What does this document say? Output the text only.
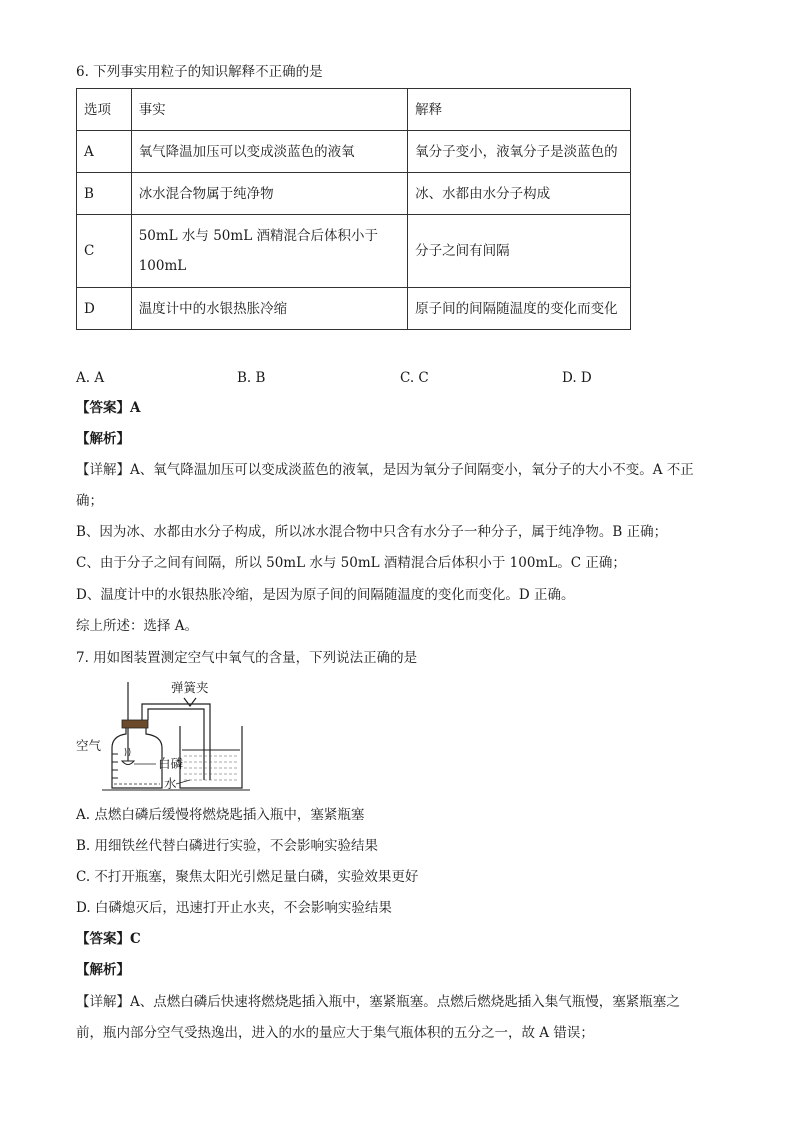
6. 下列事实用粒子的知识解释不正确的是
选项	事实	解释
A	氧气降温加压可以变成淡蓝色的液氧	氧分子变小，液氧分子是淡蓝色的
B	冰水混合物属于纯净物	冰、水都由水分子构成
C	50mL 水与 50mL 酒精混合后体积小于
100mL	分子之间有间隔
D	温度计中的水银热胀冷缩	原子间的间隔随温度的变化而变化
A. A	B. B	C. C	D. D
【答案】A
【解析】
【详解】A、氧气降温加压可以变成淡蓝色的液氧，是因为氧分子间隔变小，氧分子的大小不变。A 不正
确；
B、因为冰、水都由水分子构成，所以冰水混合物中只含有水分子一种分子，属于纯净物。B 正确；
C、由于分子之间有间隔，所以 50mL 水与 50mL 酒精混合后体积小于 100mL。C 正确；
D、温度计中的水银热胀冷缩，是因为原子间的间隔随温度的变化而变化。D 正确。
综上所述：选择 A。
7. 用如图装置测定空气中氧气的含量，下列说法正确的是
弹簧夹
空气
白磷
水
A. 点燃白磷后缓慢将燃烧匙插入瓶中，塞紧瓶塞
B. 用细铁丝代替白磷进行实验，不会影响实验结果
C. 不打开瓶塞，聚焦太阳光引燃足量白磷，实验效果更好
D. 白磷熄灭后，迅速打开止水夹，不会影响实验结果
【答案】C
【解析】
【详解】A、点燃白磷后快速将燃烧匙插入瓶中，塞紧瓶塞。点燃后燃烧匙插入集气瓶慢，塞紧瓶塞之
前，瓶内部分空气受热逸出，进入的水的量应大于集气瓶体积的五分之一，故 A 错误；
